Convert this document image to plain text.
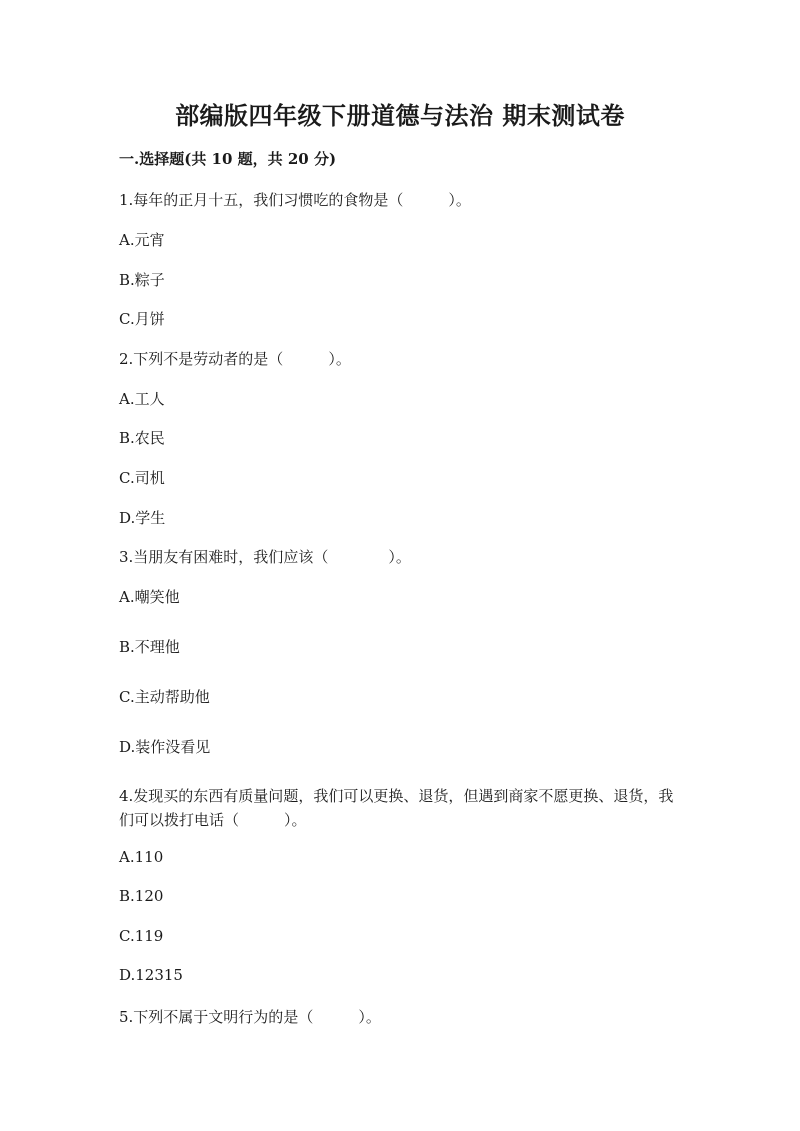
部编版四年级下册道德与法治 期末测试卷
一.选择题(共 10 题，共 20 分)
1.每年的正月十五，我们习惯吃的食物是（　　　）。
A.元宵
B.粽子
C.月饼
2.下列不是劳动者的是（　　　）。
A.工人
B.农民
C.司机
D.学生
3.当朋友有困难时，我们应该（　　　　）。
A.嘲笑他
B.不理他
C.主动帮助他
D.装作没看见
4.发现买的东西有质量问题，我们可以更换、退货，但遇到商家不愿更换、退货，我们可以拨打电话（　　　）。
A.110
B.120
C.119
D.12315
5.下列不属于文明行为的是（　　　）。
